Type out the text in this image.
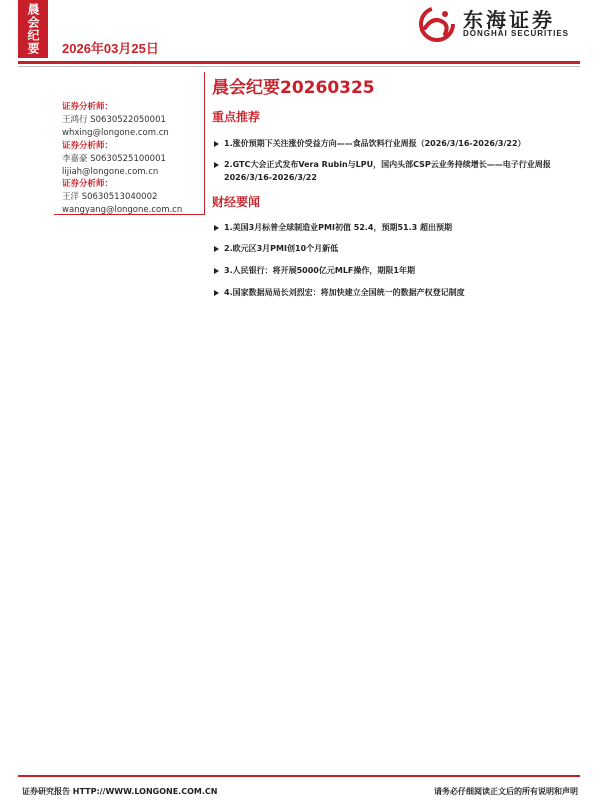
晨会纪要	2026年03月25日
东海证券
DONGHAI SECURITIES
证券分析师：
王鸿行 S0630522050001
whxing@longone.com.cn
证券分析师：
李嘉豪 S0630525100001
lijiah@longone.com.cn
证券分析师：
王洋 S0630513040002
wangyang@longone.com.cn
晨会纪要20260325
重点推荐
1.涨价预期下关注涨价受益方向——食品饮料行业周报（2026/3/16-2026/3/22）
2.GTC大会正式发布Vera Rubin与LPU，国内头部CSP云业务持续增长——电子行业周报2026/3/16-2026/3/22
财经要闻
1.美国3月标普全球制造业PMI初值 52.4，预期51.3 超出预期
2.欧元区3月PMI创10个月新低
3.人民银行：将开展5000亿元MLF操作，期限1年期
4.国家数据局局长刘烈宏：将加快建立全国统一的数据产权登记制度
证券研究报告 HTTP://WWW.LONGONE.COM.CN	请务必仔细阅读正文后的所有说明和声明
